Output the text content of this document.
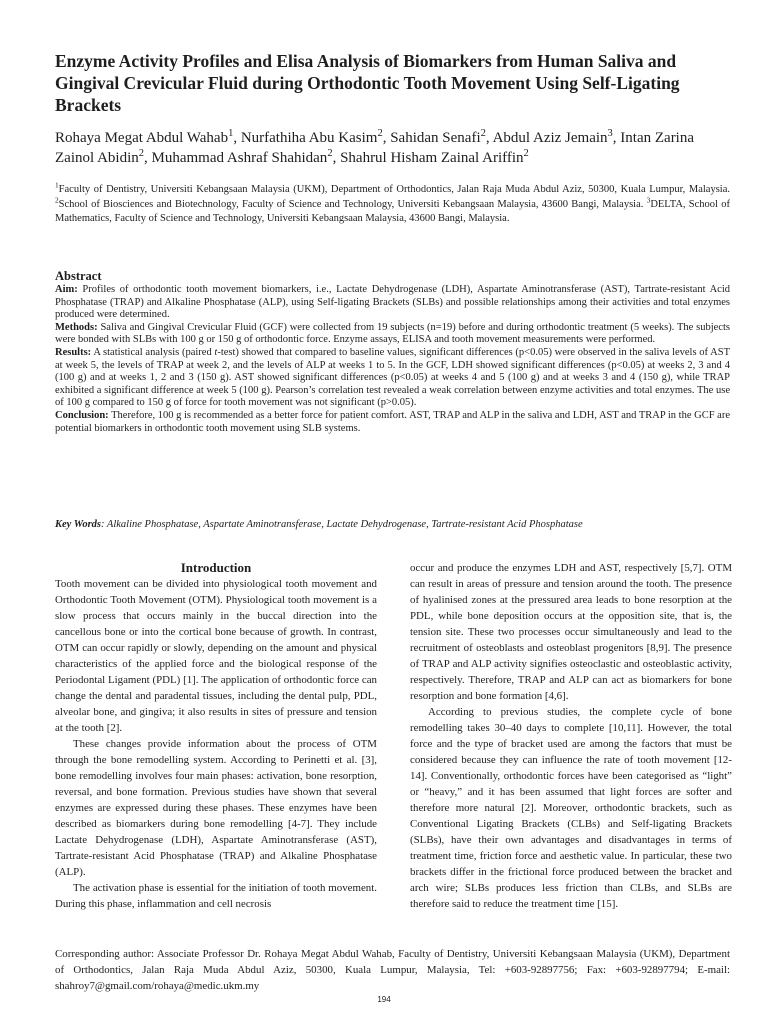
Enzyme Activity Profiles and Elisa Analysis of Biomarkers from Human Saliva and Gingival Crevicular Fluid during Orthodontic Tooth Movement Using Self-Ligating Brackets

Rohaya Megat Abdul Wahab$^1$, Nurfathiha Abu Kasim$^2$, Sahidan Senafi$^2$, Abdul Aziz Jemain$^3$, Intan Zarina Zainol Abidin$^2$, Muhammad Ashraf Shahidan$^2$, Shahrul Hisham Zainal Ariffin$^2$

$^1$Faculty of Dentistry, Universiti Kebangsaan Malaysia (UKM), Department of Orthodontics, Jalan Raja Muda Abdul Aziz, 50300, Kuala Lumpur, Malaysia. $^2$School of Biosciences and Biotechnology, Faculty of Science and Technology, Universiti Kebangsaan Malaysia, 43600 Bangi, Malaysia. $^3$DELTA, School of Mathematics, Faculty of Science and Technology, Universiti Kebangsaan Malaysia, 43600 Bangi, Malaysia.

Abstract

Aim: Profiles of orthodontic tooth movement biomarkers, i.e., Lactate Dehydrogenase (LDH), Aspartate Aminotransferase (AST), Tartrate-resistant Acid Phosphatase (TRAP) and Alkaline Phosphatase (ALP), using Self-ligating Brackets (SLBs) and possible relationships among their activities and total enzymes produced were determined.

Methods: Saliva and Gingival Crevicular Fluid (GCF) were collected from 19 subjects (n=19) before and during orthodontic treatment (5 weeks). The subjects were bonded with SLBs with 100 g or 150 g of orthodontic force. Enzyme assays, ELISA and tooth movement measurements were performed.

Results: A statistical analysis (paired t-test) showed that compared to baseline values, significant differences (p<0.05) were observed in the saliva levels of AST at week 5, the levels of TRAP at week 2, and the levels of ALP at weeks 1 to 5. In the GCF, LDH showed significant differences (p<0.05) at weeks 2, 3 and 4 (100 g) and at weeks 1, 2 and 3 (150 g). AST showed significant differences (p<0.05) at weeks 4 and 5 (100 g) and at weeks 3 and 4 (150 g), while TRAP exhibited a significant difference at week 5 (100 g). Pearson’s correlation test revealed a weak correlation between enzyme activities and total enzymes. The use of 100 g compared to 150 g of force for tooth movement was not significant (p>0.05).

Conclusion: Therefore, 100 g is recommended as a better force for patient comfort. AST, TRAP and ALP in the saliva and LDH, AST and TRAP in the GCF are potential biomarkers in orthodontic tooth movement using SLB systems.

Key Words: Alkaline Phosphatase, Aspartate Aminotransferase, Lactate Dehydrogenase, Tartrate-resistant Acid Phosphatase

Introduction

Tooth movement can be divided into physiological tooth movement and Orthodontic Tooth Movement (OTM). Physiological tooth movement is a slow process that occurs mainly in the buccal direction into the cancellous bone or into the cortical bone because of growth. In contrast, OTM can occur rapidly or slowly, depending on the amount and physical characteristics of the applied force and the biological response of the Periodontal Ligament (PDL) [1]. The application of orthodontic force can change the dental and paradental tissues, including the dental pulp, PDL, alveolar bone, and gingiva; it also results in sites of pressure and tension at the tooth [2].

These changes provide information about the process of OTM through the bone remodelling system. According to Perinetti et al. [3], bone remodelling involves four main phases: activation, bone resorption, reversal, and bone formation. Previous studies have shown that several enzymes are expressed during these phases. These enzymes have been described as biomarkers during bone remodelling [4-7]. They include Lactate Dehydrogenase (LDH), Aspartate Aminotransferase (AST), Tartrate-resistant Acid Phosphatase (TRAP) and Alkaline Phosphatase (ALP).

The activation phase is essential for the initiation of tooth movement. During this phase, inflammation and cell necrosis

occur and produce the enzymes LDH and AST, respectively [5,7]. OTM can result in areas of pressure and tension around the tooth. The presence of hyalinised zones at the pressured area leads to bone resorption at the PDL, while bone deposition occurs at the opposition site, that is, the tension site. These two processes occur simultaneously and lead to the recruitment of osteoblasts and osteoblast progenitors [8,9]. The presence of TRAP and ALP activity signifies osteoclastic and osteoblastic activity, respectively. Therefore, TRAP and ALP can act as biomarkers for bone resorption and bone formation [4,6].

According to previous studies, the complete cycle of bone remodelling takes 30–40 days to complete [10,11]. However, the total force and the type of bracket used are among the factors that must be considered because they can influence the rate of tooth movement [12-14]. Conventionally, orthodontic forces have been categorised as “light” or “heavy,” and it has been assumed that light forces are softer and therefore more natural [2]. Moreover, orthodontic brackets, such as Conventional Ligating Brackets (CLBs) and Self-ligating Brackets (SLBs), have their own advantages and disadvantages in terms of treatment time, friction force and aesthetic value. In particular, these two brackets differ in the frictional force produced between the bracket and arch wire; SLBs produces less friction than CLBs, and SLBs are therefore said to reduce the treatment time [15].

Corresponding author: Associate Professor Dr. Rohaya Megat Abdul Wahab, Faculty of Dentistry, Universiti Kebangsaan Malaysia (UKM), Department of Orthodontics, Jalan Raja Muda Abdul Aziz, 50300, Kuala Lumpur, Malaysia, Tel: +603-92897756; Fax: +603-92897794; E-mail: shahroy7@gmail.com/rohaya@medic.ukm.my

194
